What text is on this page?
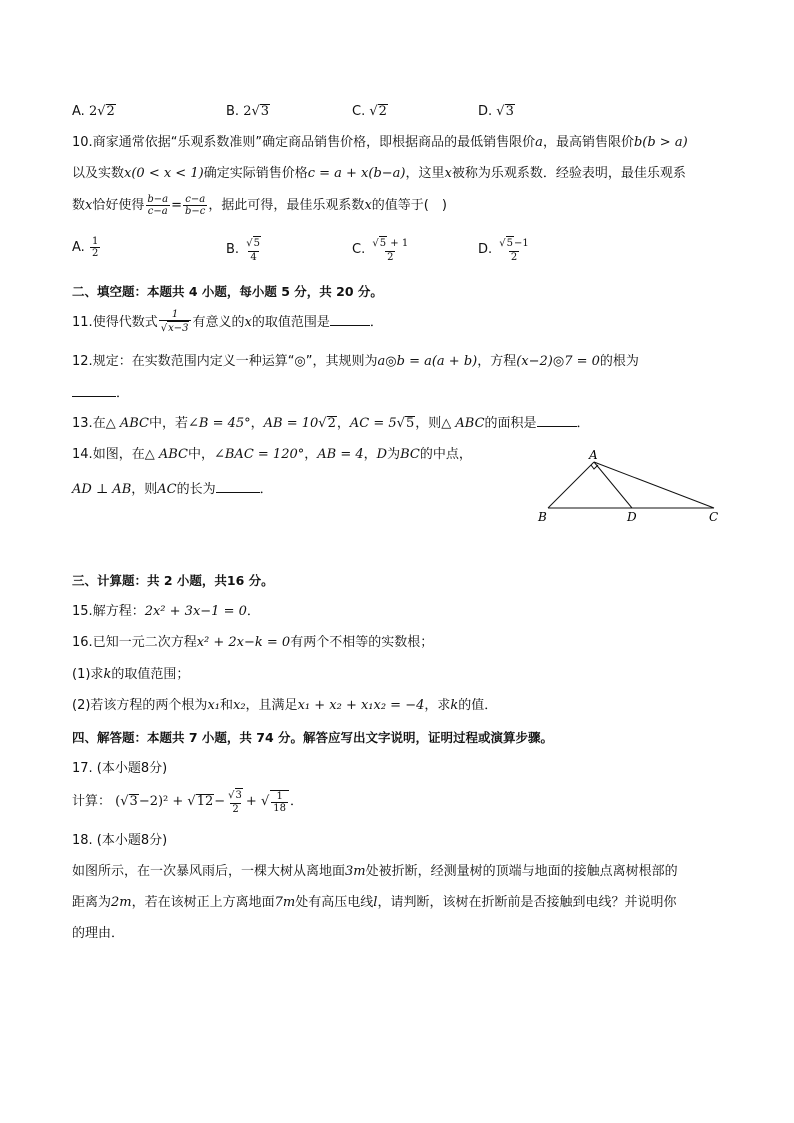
A. 2√2	B. 2√3	C. √2	D. √3
10.商家通常依据“乐观系数准则”确定商品销售价格，即根据商品的最低销售限价a，最高销售限价b(b > a)
以及实数x(0 < x < 1)确定实际销售价格c = a + x(b−a)，这里x被称为乐观系数．经验表明，最佳乐观系
数x恰好使得 $\frac{b-a}{c-a} = \frac{c-a}{b-c}$ ，据此可得，最佳乐观系数x的值等于(　)
A. $\frac{1}{2}$	B. $\frac{√5}{4}$	C. $\frac{√5 + 1}{2}$	D. $\frac{√5-1}{2}$
二、填空题：本题共 4 小题，每小题 5 分，共 20 分。
11.使得代数式 $\frac{1}{√x-3}$ 有意义的x的取值范围是	．
12.规定：在实数范围内定义一种运算“◎”，其规则为a◎b = a(a + b)，方程(x−2)◎7 = 0的根为
．
13.在△ ABC中，若∠B = 45°，AB = 10√2，AC = 5√5，则△ ABC的面积是	．
14.如图，在△ ABC中，∠BAC = 120°，AB = 4，D为BC的中点，
AD ⊥ AB，则AC的长为	．
A
B	C
D
三、计算题：共 2 小题，共16 分。
15.解方程：2x² + 3x−1 = 0．
16.已知一元二次方程x² + 2x−k = 0有两个不相等的实数根；
(1)求k的取值范围；
(2)若该方程的两个根为x₁和x₂，且满足x₁ + x₂ + x₁x₂ = −4，求k的值．
四、解答题：本题共 7 小题，共 74 分。解答应写出文字说明，证明过程或演算步骤。
17. (本小题8分)
计算： $(√3-2)^2 + √12- \frac{√3}{2}$ + √ $\frac{1}{18}$ ．
18. (本小题8分)
如图所示，在一次暴风雨后，一棵大树从离地面3m处被折断，经测量树的顶端与地面的接触点离树根部的
距离为2m，若在该树正上方离地面7m处有高压电线l，请判断，该树在折断前是否接触到电线？并说明你
的理由．
